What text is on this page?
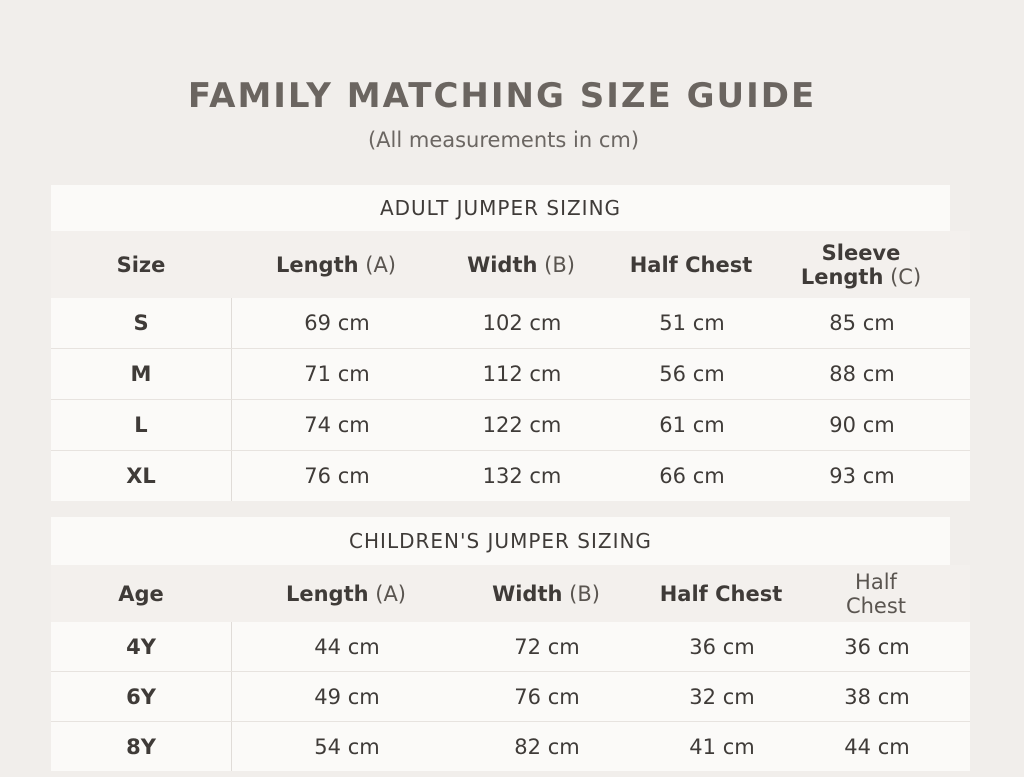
FAMILY MATCHING SIZE GUIDE
(All measurements in cm)
ADULT JUMPER SIZING
Size	Length (A)	Width (B)	Half Chest	Sleeve Length (C)
S	69 cm	102 cm	51 cm	85 cm
M	71 cm	112 cm	56 cm	88 cm
L	74 cm	122 cm	61 cm	90 cm
XL	76 cm	132 cm	66 cm	93 cm
CHILDREN'S JUMPER SIZING
Age	Length (A)	Width (B)	Half Chest	Half Chest
4Y	44 cm	72 cm	36 cm	36 cm
6Y	49 cm	76 cm	32 cm	38 cm
8Y	54 cm	82 cm	41 cm	44 cm
